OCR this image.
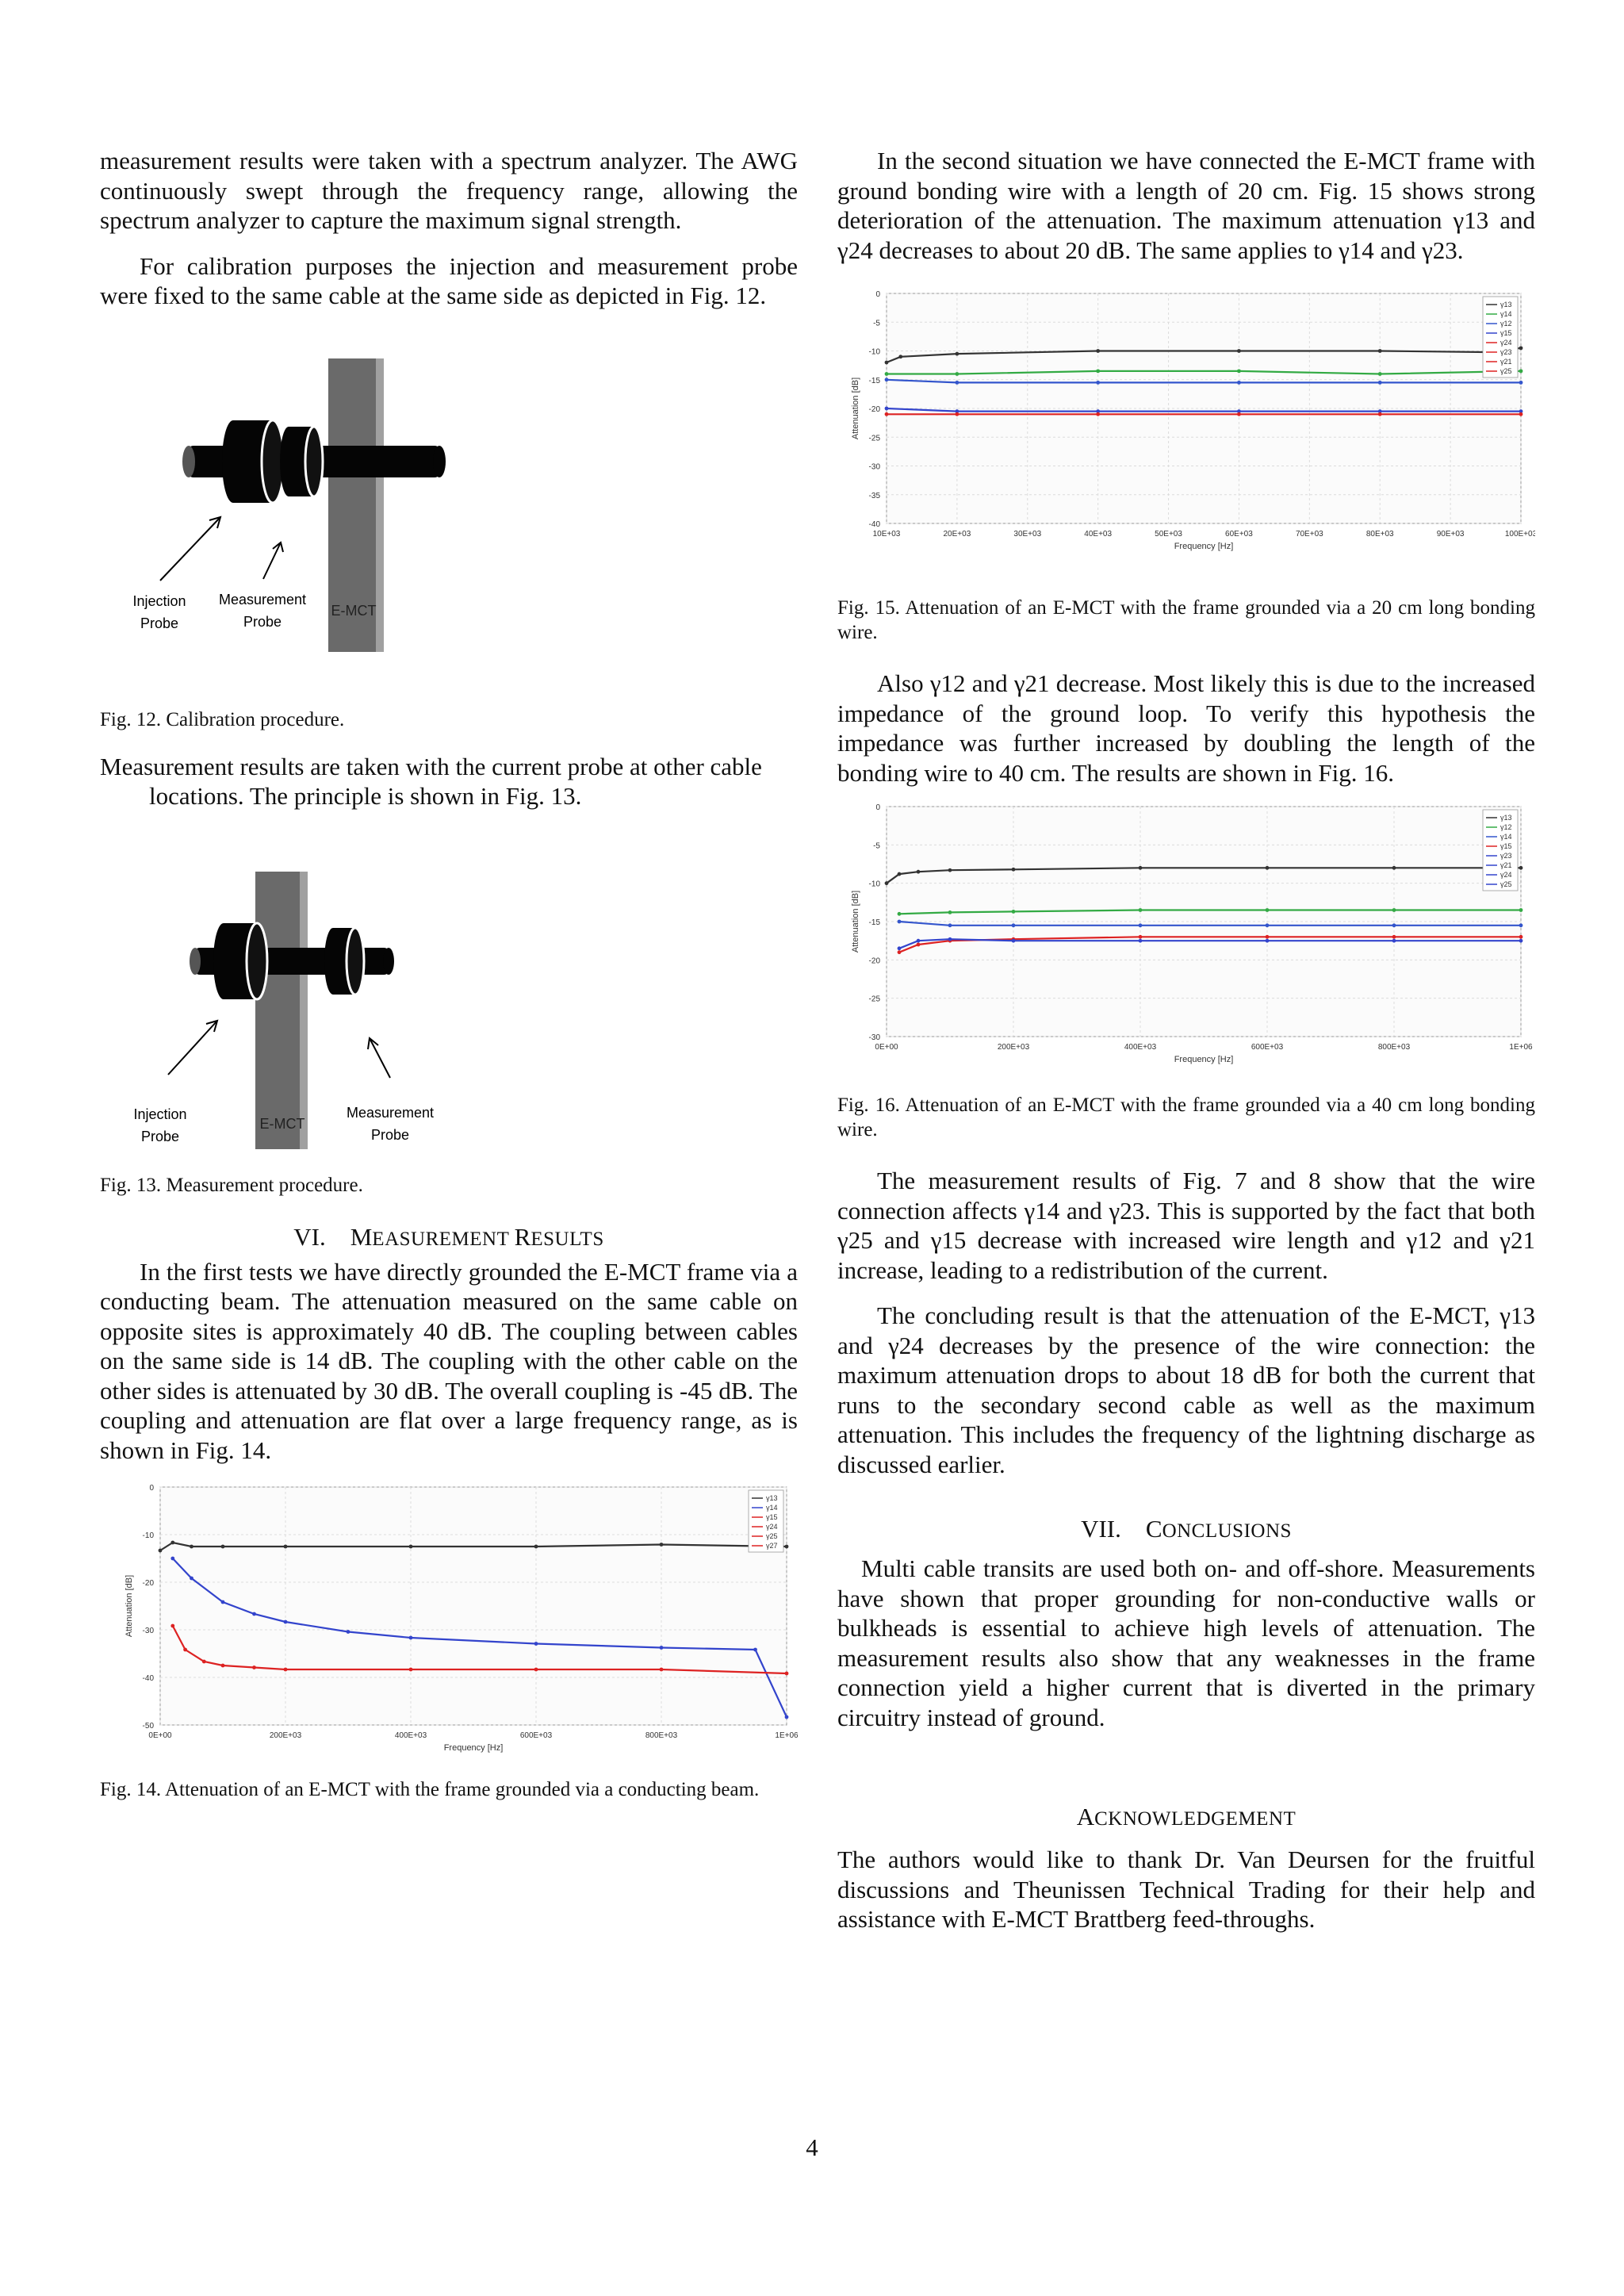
measurement results were taken with a spectrum analyzer. The AWG continuously swept through the frequency range, allowing the spectrum analyzer to capture the maximum signal strength.

For calibration purposes the injection and measurement probe were fixed to the same cable at the same side as depicted in Fig. 12.

Injection
Probe
Measurement
Probe
E-MCT

Fig. 12. Calibration procedure.

Measurement results are taken with the current probe at other cable locations. The principle is shown in Fig. 13.

Injection
Probe
E-MCT
Measurement
Probe

Fig. 13. Measurement procedure.

VI. MEASUREMENT RESULTS

In the first tests we have directly grounded the E-MCT frame via a conducting beam. The attenuation measured on the same cable on opposite sites is approximately 40 dB. The coupling between cables on the same side is 14 dB. The coupling with the other cable on the other sides is attenuated by 30 dB. The overall coupling is -45 dB. The coupling and attenuation are flat over a large frequency range, as is shown in Fig. 14.

0E+00	200E+03	400E+03	600E+03	800E+03	1E+06
0
-10
-20
-30
-40
-50
Frequency [Hz]
Attenuation [dB]
γ13
γ14
γ15
γ24
γ25
γ27

Fig. 14. Attenuation of an E-MCT with the frame grounded via a conducting beam.

In the second situation we have connected the E-MCT frame with ground bonding wire with a length of 20 cm. Fig. 15 shows strong deterioration of the attenuation. The maximum attenuation γ13 and γ24 decreases to about 20 dB. The same applies to γ14 and γ23.

10E+03	20E+03	30E+03	40E+03	50E+03	60E+03	70E+03	80E+03	90E+03	100E+03
0
-5
-10
-15
-20
-25
-30
-35
-40
Frequency [Hz]
Attenuation [dB]
γ13
γ14
γ12
γ15
γ24
γ23
γ21
γ25

Fig. 15. Attenuation of an E-MCT with the frame grounded via a 20 cm long bonding wire.

Also γ12 and γ21 decrease. Most likely this is due to the increased impedance of the ground loop. To verify this hypothesis the impedance was further increased by doubling the length of the bonding wire to 40 cm. The results are shown in Fig. 16.

0E+00	200E+03	400E+03	600E+03	800E+03	1E+06
0
-5
-10
-15
-20
-25
-30
Frequency [Hz]
Attenuation [dB]
γ13
γ12
γ14
γ15
γ23
γ21
γ24
γ25

Fig. 16. Attenuation of an E-MCT with the frame grounded via a 40 cm long bonding wire.

The measurement results of Fig. 7 and 8 show that the wire connection affects γ14 and γ23. This is supported by the fact that both γ25 and γ15 decrease with increased wire length and γ12 and γ21 increase, leading to a redistribution of the current.

The concluding result is that the attenuation of the E-MCT, γ13 and γ24 decreases by the presence of the wire connection: the maximum attenuation drops to about 18 dB for both the current that runs to the secondary second cable as well as the maximum attenuation. This includes the frequency of the lightning discharge as discussed earlier.

VII. CONCLUSIONS

Multi cable transits are used both on- and off-shore. Measurements have shown that proper grounding for non-conductive walls or bulkheads is essential to achieve high levels of attenuation. The measurement results also show that any weaknesses in the frame connection yield a higher current that is diverted in the primary circuitry instead of ground.

ACKNOWLEDGEMENT

The authors would like to thank Dr. Van Deursen for the fruitful discussions and Theunissen Technical Trading for their help and assistance with E-MCT Brattberg feed-throughs.

4
